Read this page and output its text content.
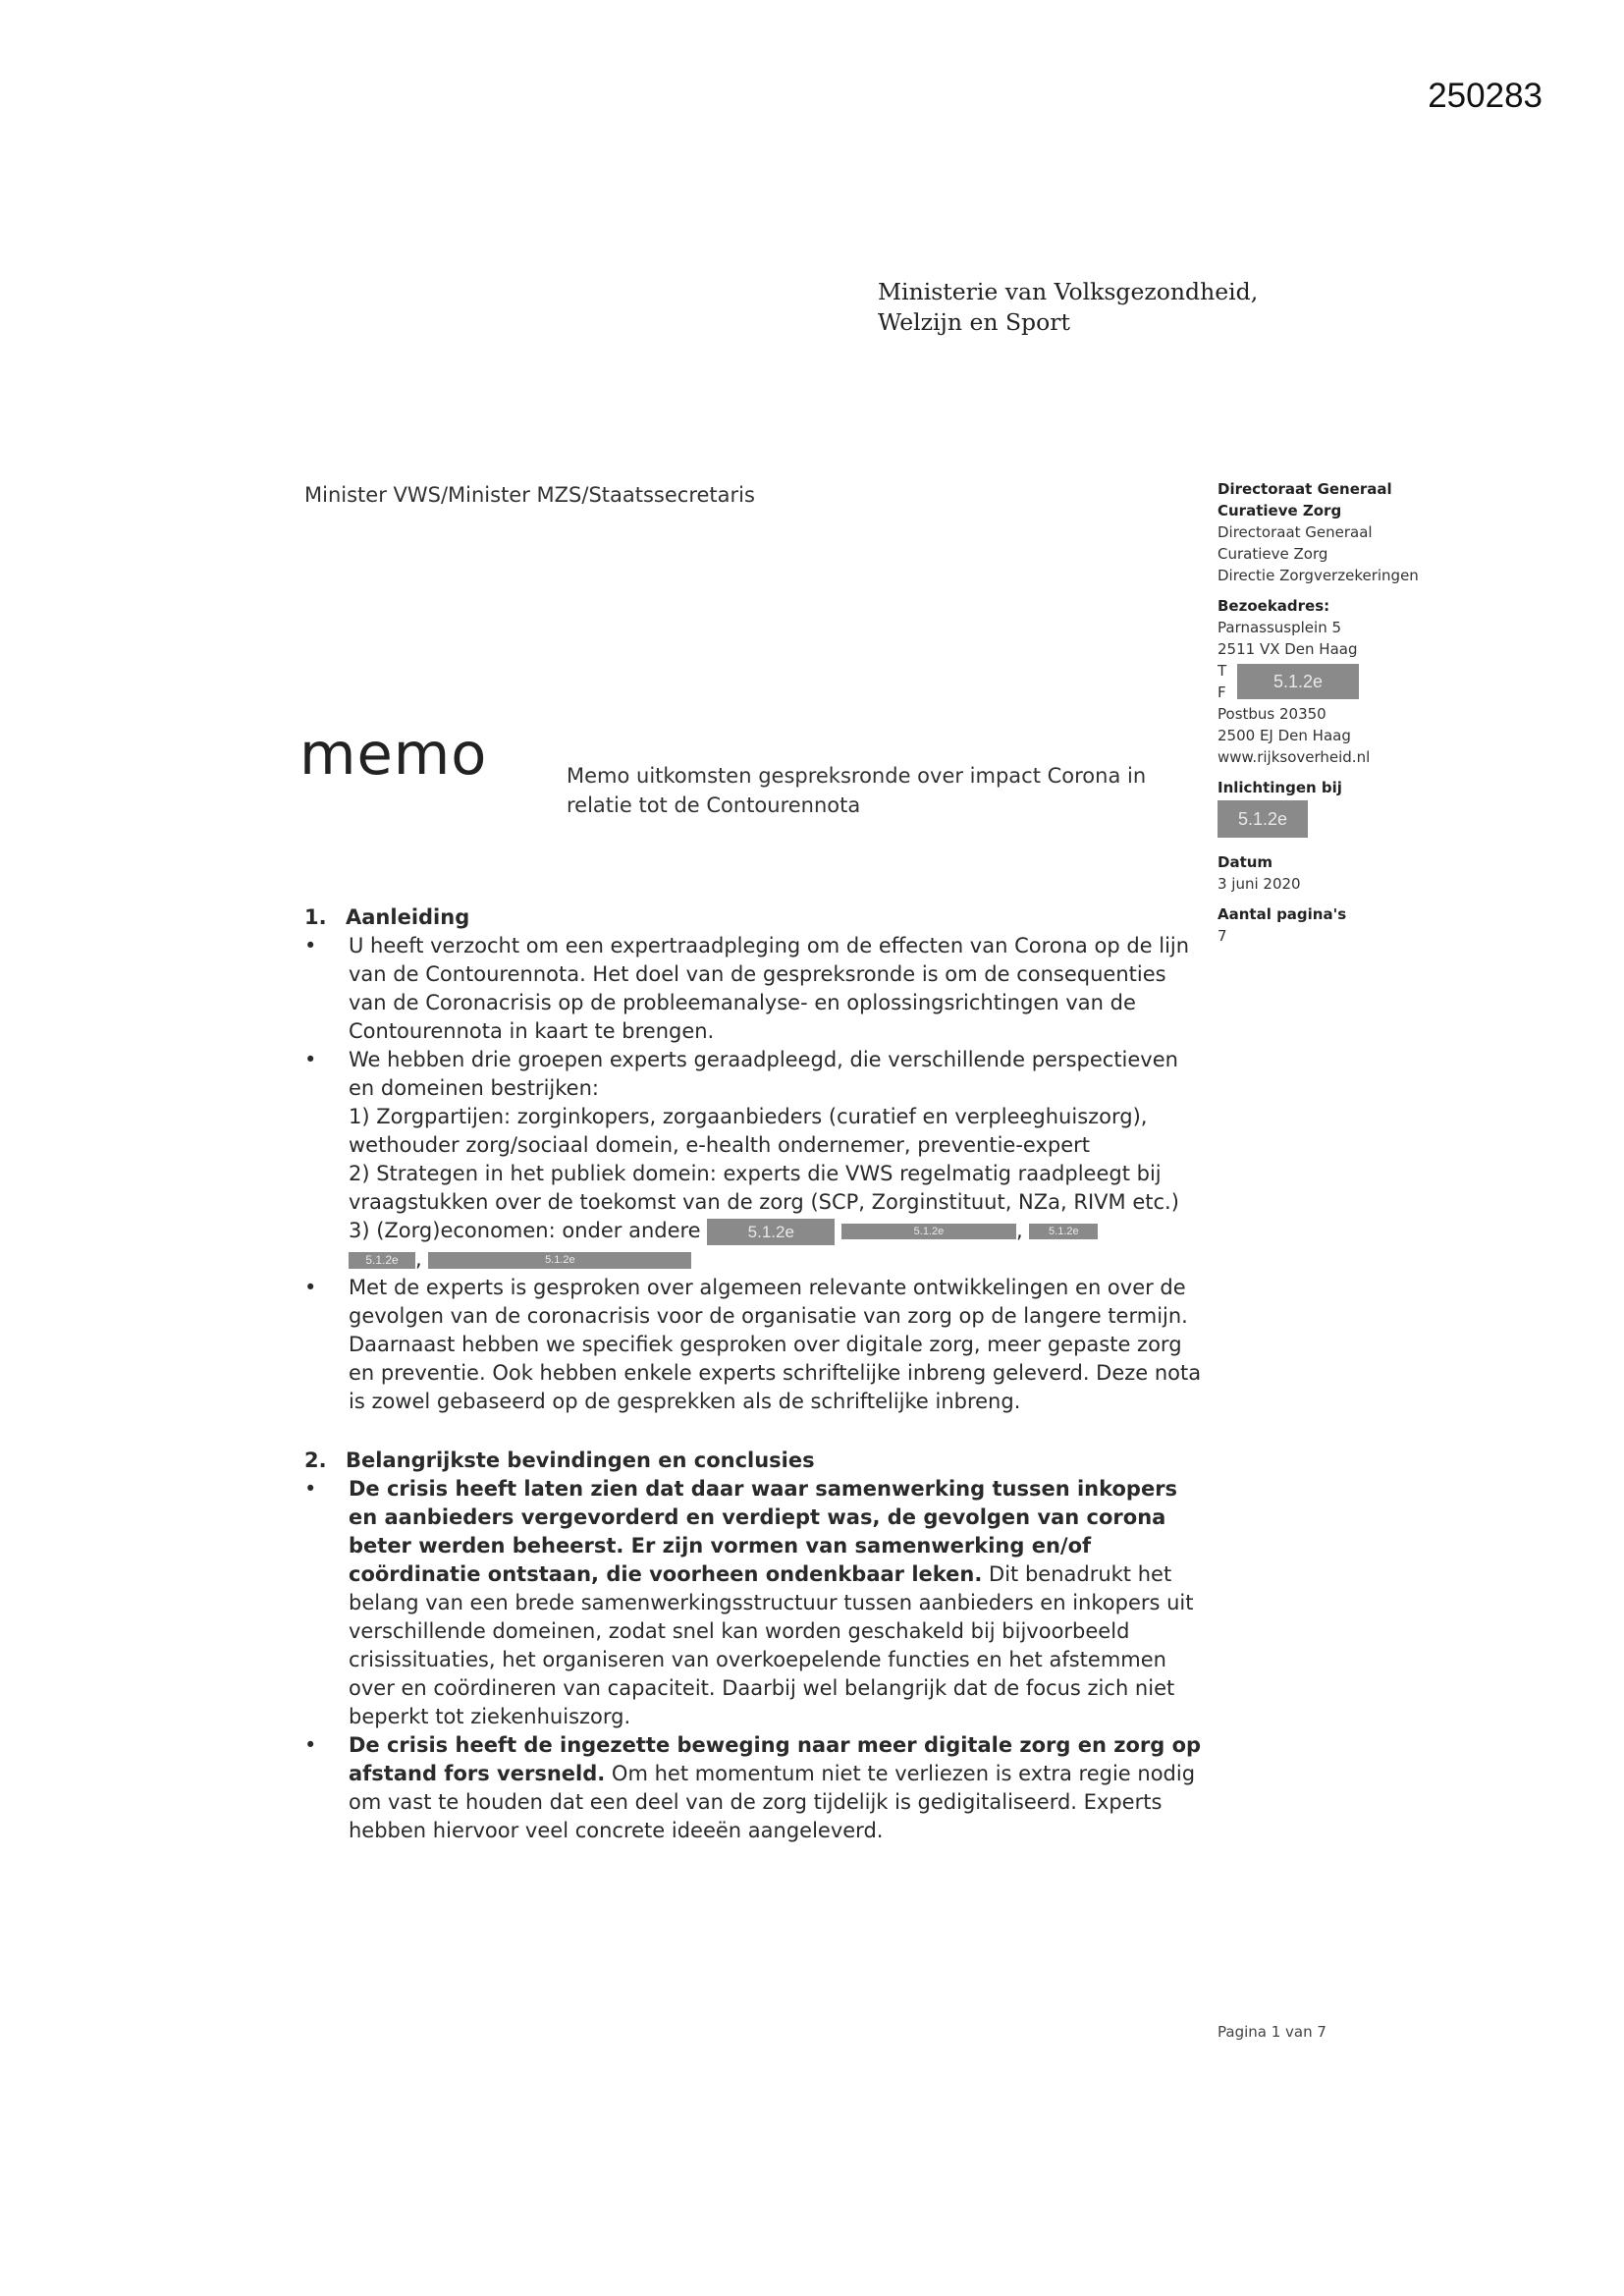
250283
Ministerie van Volksgezondheid,
Welzijn en Sport
Minister VWS/Minister MZS/Staatssecretaris	Directoraat Generaal
Curatieve Zorg
Directoraat Generaal
Curatieve Zorg
Directie Zorgverzekeringen
Bezoekadres:
Parnassusplein 5
2511 VX Den Haag
T
F
5.1.2e
Postbus 20350
2500 EJ Den Haag
www.rijksoverheid.nl
Inlichtingen bij
5.1.2e
Datum
3 juni 2020
Aantal pagina's
7
memo	Memo uitkomsten gespreksronde over impact Corona in relatie tot de Contourennota
1. Aanleiding
• U heeft verzocht om een expertraadpleging om de effecten van Corona op de lijn van de Contourennota. Het doel van de gespreksronde is om de consequenties van de Coronacrisis op de probleemanalyse- en oplossingsrichtingen van de Contourennota in kaart te brengen.
• We hebben drie groepen experts geraadpleegd, die verschillende perspectieven en domeinen bestrijken:
1) Zorgpartijen: zorginkopers, zorgaanbieders (curatief en verpleeghuiszorg), wethouder zorg/sociaal domein, e-health ondernemer, preventie-expert
2) Strategen in het publiek domein: experts die VWS regelmatig raadpleegt bij vraagstukken over de toekomst van de zorg (SCP, Zorginstituut, NZa, RIVM etc.)
3) (Zorg)economen: onder andere	5.1.2e	5.1.2e	, 5.1.2e
5.1.2e ,	5.1.2e
• Met de experts is gesproken over algemeen relevante ontwikkelingen en over de gevolgen van de coronacrisis voor de organisatie van zorg op de langere termijn. Daarnaast hebben we specifiek gesproken over digitale zorg, meer gepaste zorg en preventie. Ook hebben enkele experts schriftelijke inbreng geleverd. Deze nota is zowel gebaseerd op de gesprekken als de schriftelijke inbreng.
2. Belangrijkste bevindingen en conclusies
• De crisis heeft laten zien dat daar waar samenwerking tussen inkopers en aanbieders vergevorderd en verdiept was, de gevolgen van corona beter werden beheerst. Er zijn vormen van samenwerking en/of coördinatie ontstaan, die voorheen ondenkbaar leken. Dit benadrukt het belang van een brede samenwerkingsstructuur tussen aanbieders en inkopers uit verschillende domeinen, zodat snel kan worden geschakeld bij bijvoorbeeld crisissituaties, het organiseren van overkoepelende functies en het afstemmen over en coördineren van capaciteit. Daarbij wel belangrijk dat de focus zich niet beperkt tot ziekenhuiszorg.
• De crisis heeft de ingezette beweging naar meer digitale zorg en zorg op afstand fors versneld. Om het momentum niet te verliezen is extra regie nodig om vast te houden dat een deel van de zorg tijdelijk is gedigitaliseerd. Experts hebben hiervoor veel concrete ideeën aangeleverd.
Pagina 1 van 7
